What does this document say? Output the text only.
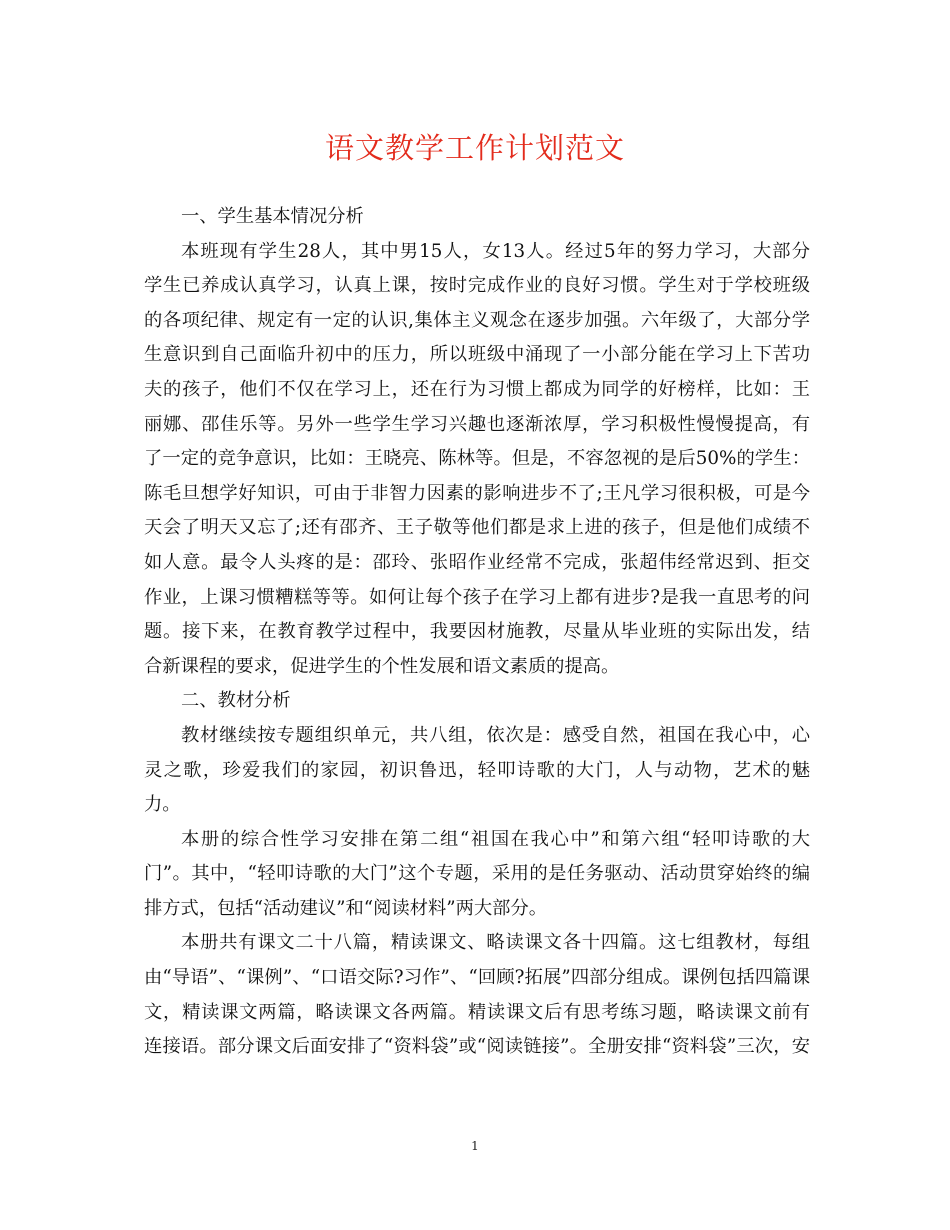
语文教学工作计划范文
一、学生基本情况分析
本班现有学生28人，其中男15人，女13人。经过5年的努力学习，大部分
学生已养成认真学习，认真上课，按时完成作业的良好习惯。学生对于学校班级
的各项纪律、规定有一定的认识,集体主义观念在逐步加强。六年级了，大部分学
生意识到自己面临升初中的压力，所以班级中涌现了一小部分能在学习上下苦功
夫的孩子，他们不仅在学习上，还在行为习惯上都成为同学的好榜样，比如：王
丽娜、邵佳乐等。另外一些学生学习兴趣也逐渐浓厚，学习积极性慢慢提高，有
了一定的竞争意识，比如：王晓亮、陈林等。但是，不容忽视的是后50%的学生：
陈毛旦想学好知识，可由于非智力因素的影响进步不了;王凡学习很积极，可是今
天会了明天又忘了;还有邵齐、王子敬等他们都是求上进的孩子，但是他们成绩不
如人意。最令人头疼的是：邵玲、张昭作业经常不完成，张超伟经常迟到、拒交
作业，上课习惯糟糕等等。如何让每个孩子在学习上都有进步?是我一直思考的问
题。接下来，在教育教学过程中，我要因材施教，尽量从毕业班的实际出发，结
合新课程的要求，促进学生的个性发展和语文素质的提高。
二、教材分析
教材继续按专题组织单元，共八组，依次是：感受自然，祖国在我心中，心
灵之歌，珍爱我们的家园，初识鲁迅，轻叩诗歌的大门，人与动物，艺术的魅
力。
本册的综合性学习安排在第二组“祖国在我心中”和第六组“轻叩诗歌的大
门”。其中，“轻叩诗歌的大门”这个专题，采用的是任务驱动、活动贯穿始终的编
排方式，包括“活动建议”和“阅读材料”两大部分。
本册共有课文二十八篇，精读课文、略读课文各十四篇。这七组教材，每组
由“导语”、“课例”、“口语交际?习作”、“回顾?拓展”四部分组成。课例包括四篇课
文，精读课文两篇，略读课文各两篇。精读课文后有思考练习题，略读课文前有
连接语。部分课文后面安排了“资料袋”或“阅读链接”。全册安排“资料袋”三次，安
1
